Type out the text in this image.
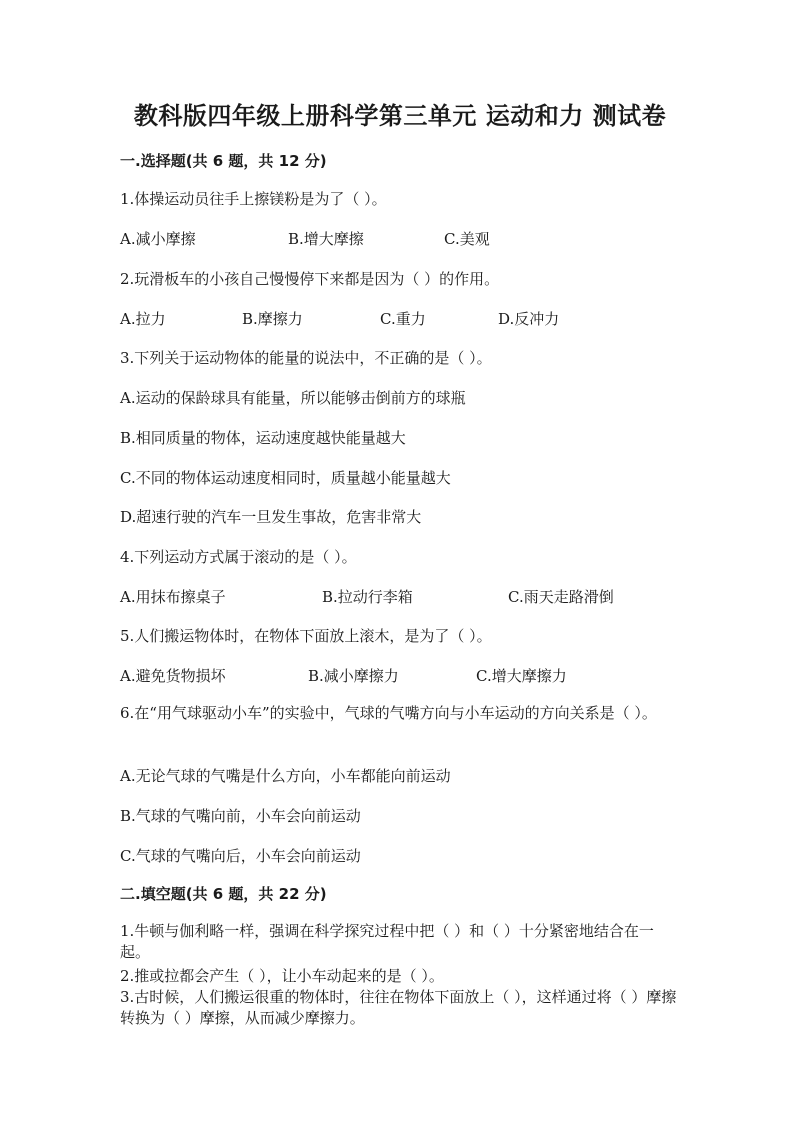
教科版四年级上册科学第三单元 运动和力 测试卷
一.选择题(共 6 题，共 12 分)
1.体操运动员往手上擦镁粉是为了（ ）。
A.减小摩擦	B.增大摩擦	C.美观
2.玩滑板车的小孩自己慢慢停下来都是因为（ ）的作用。
A.拉力	B.摩擦力	C.重力	D.反冲力
3.下列关于运动物体的能量的说法中，不正确的是（ ）。
A.运动的保龄球具有能量，所以能够击倒前方的球瓶
B.相同质量的物体，运动速度越快能量越大
C.不同的物体运动速度相同时，质量越小能量越大
D.超速行驶的汽车一旦发生事故，危害非常大
4.下列运动方式属于滚动的是（ ）。
A.用抹布擦桌子	B.拉动行李箱	C.雨天走路滑倒
5.人们搬运物体时，在物体下面放上滚木，是为了（ ）。
A.避免货物损坏	B.减小摩擦力	C.增大摩擦力
6.在“用气球驱动小车”的实验中，气球的气嘴方向与小车运动的方向关系是（ ）。
A.无论气球的气嘴是什么方向，小车都能向前运动
B.气球的气嘴向前，小车会向前运动
C.气球的气嘴向后，小车会向前运动
二.填空题(共 6 题，共 22 分)
1.牛顿与伽利略一样，强调在科学探究过程中把（ ）和（ ）十分紧密地结合在一起。
2.推或拉都会产生（ ），让小车动起来的是（ ）。
3.古时候，人们搬运很重的物体时，往往在物体下面放上（ ），这样通过将（ ）摩擦转换为（ ）摩擦，从而减少摩擦力。
